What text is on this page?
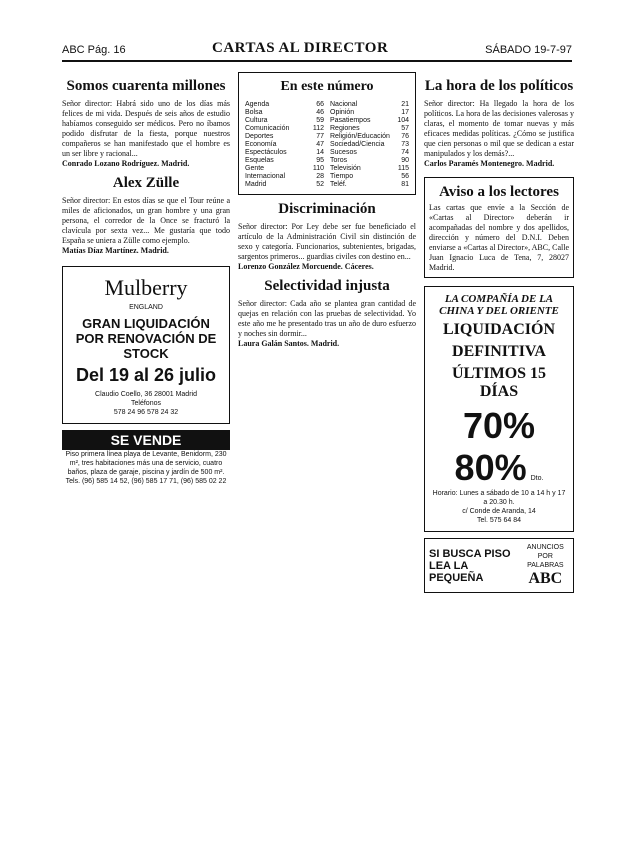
ABC Pág. 16	CARTAS AL DIRECTOR	SÁBADO 19-7-97
Somos cuarenta millones

Señor director: Habrá sido uno de los días más felices de mi vida. Después de seis años de estudio habíamos conseguido ser médicos. Pero no íbamos podido disfrutar de la fiesta, porque nuestros compañeros se han manifestado que el hombre es un ser libre y racional...

Conrado Lozano Rodríguez. Madrid.

Alex Zülle

Señor director: En estos días se que el Tour reúne a miles de aficionados, un gran hombre y una gran persona, el corredor de la Once se fracturó la clavícula por sexta vez... Me gustaría que todo España se uniera a Zülle como ejemplo.

Matías Díaz Martínez. Madrid.

Mulberry
ENGLAND
GRAN LIQUIDACIÓN POR RENOVACIÓN DE STOCK
Del 19 al 26 julio
Claudio Coello, 36 28001 Madrid
Teléfonos
578 24 96 578 24 32
SE VENDE
Piso primera línea playa de Levante, Benidorm, 230 m², tres habitaciones más una de servicio, cuatro baños, plaza de garaje, piscina y jardín de 500 m².
Tels. (96) 585 14 52, (96) 585 17 71, (96) 585 02 22
En este número
Agenda	66 Nacional	21
Bolsa	46 Opinión	17
Cultura	59 Pasatiempos	104
Comunicación	112 Regiones	57
Deportes	77 Religión/Educación 76
Economía	47 Sociedad/Ciencia 73
Espectáculos	14 Sucesos	74
Esquelas	95 Toros	90
Gente	110 Televisión	115
Internacional	28 Tiempo	56
Madrid	52 Teléf.	81
Discriminación

Señor director: Por Ley debe ser fue beneficiado el artículo de la Administración Civil sin distinción de sexo y categoría. Funcionarios, subtenientes, brigadas, sargentos primeros... guardias civiles con destino en...

Lorenzo González Morcuende. Cáceres.

Selectividad injusta

Señor director: Cada año se plantea gran cantidad de quejas en relación con las pruebas de selectividad. Yo este año me he presentado tras un año de duro esfuerzo y noches sin dormir...

Laura Galán Santos. Madrid.

La hora de los políticos

Señor director: Ha llegado la hora de los políticos. La hora de las decisiones valerosas y claras, el momento de tomar nuevas y más eficaces medidas políticas. ¿Cómo se justifica que cien personas o mil que se dedican a estar manipulados y los demás?...

Carlos Paramés Montenegro. Madrid.

Aviso a los lectores

Las cartas que envíe a la Sección de «Cartas al Director» deberán ir acompañadas del nombre y dos apellidos, dirección y número del D.N.I. Deben enviarse a «Cartas al Director», ABC, Calle Juan Ignacio Luca de Tena, 7, 28027 Madrid.

LA COMPAÑÍA DE LA CHINA Y DEL ORIENTE
LIQUIDACIÓN
DEFINITIVA
ÚLTIMOS 15 DÍAS
70% 80% Dto.
Horario: Lunes a sábado de 10 a 14 h y 17 a 20.30 h.
c/ Conde de Aranda, 14
Tel. 575 64 84
SI BUSCA PISO LEA LA PEQUEÑA
ANUNCIOS POR PALABRAS
ABC
